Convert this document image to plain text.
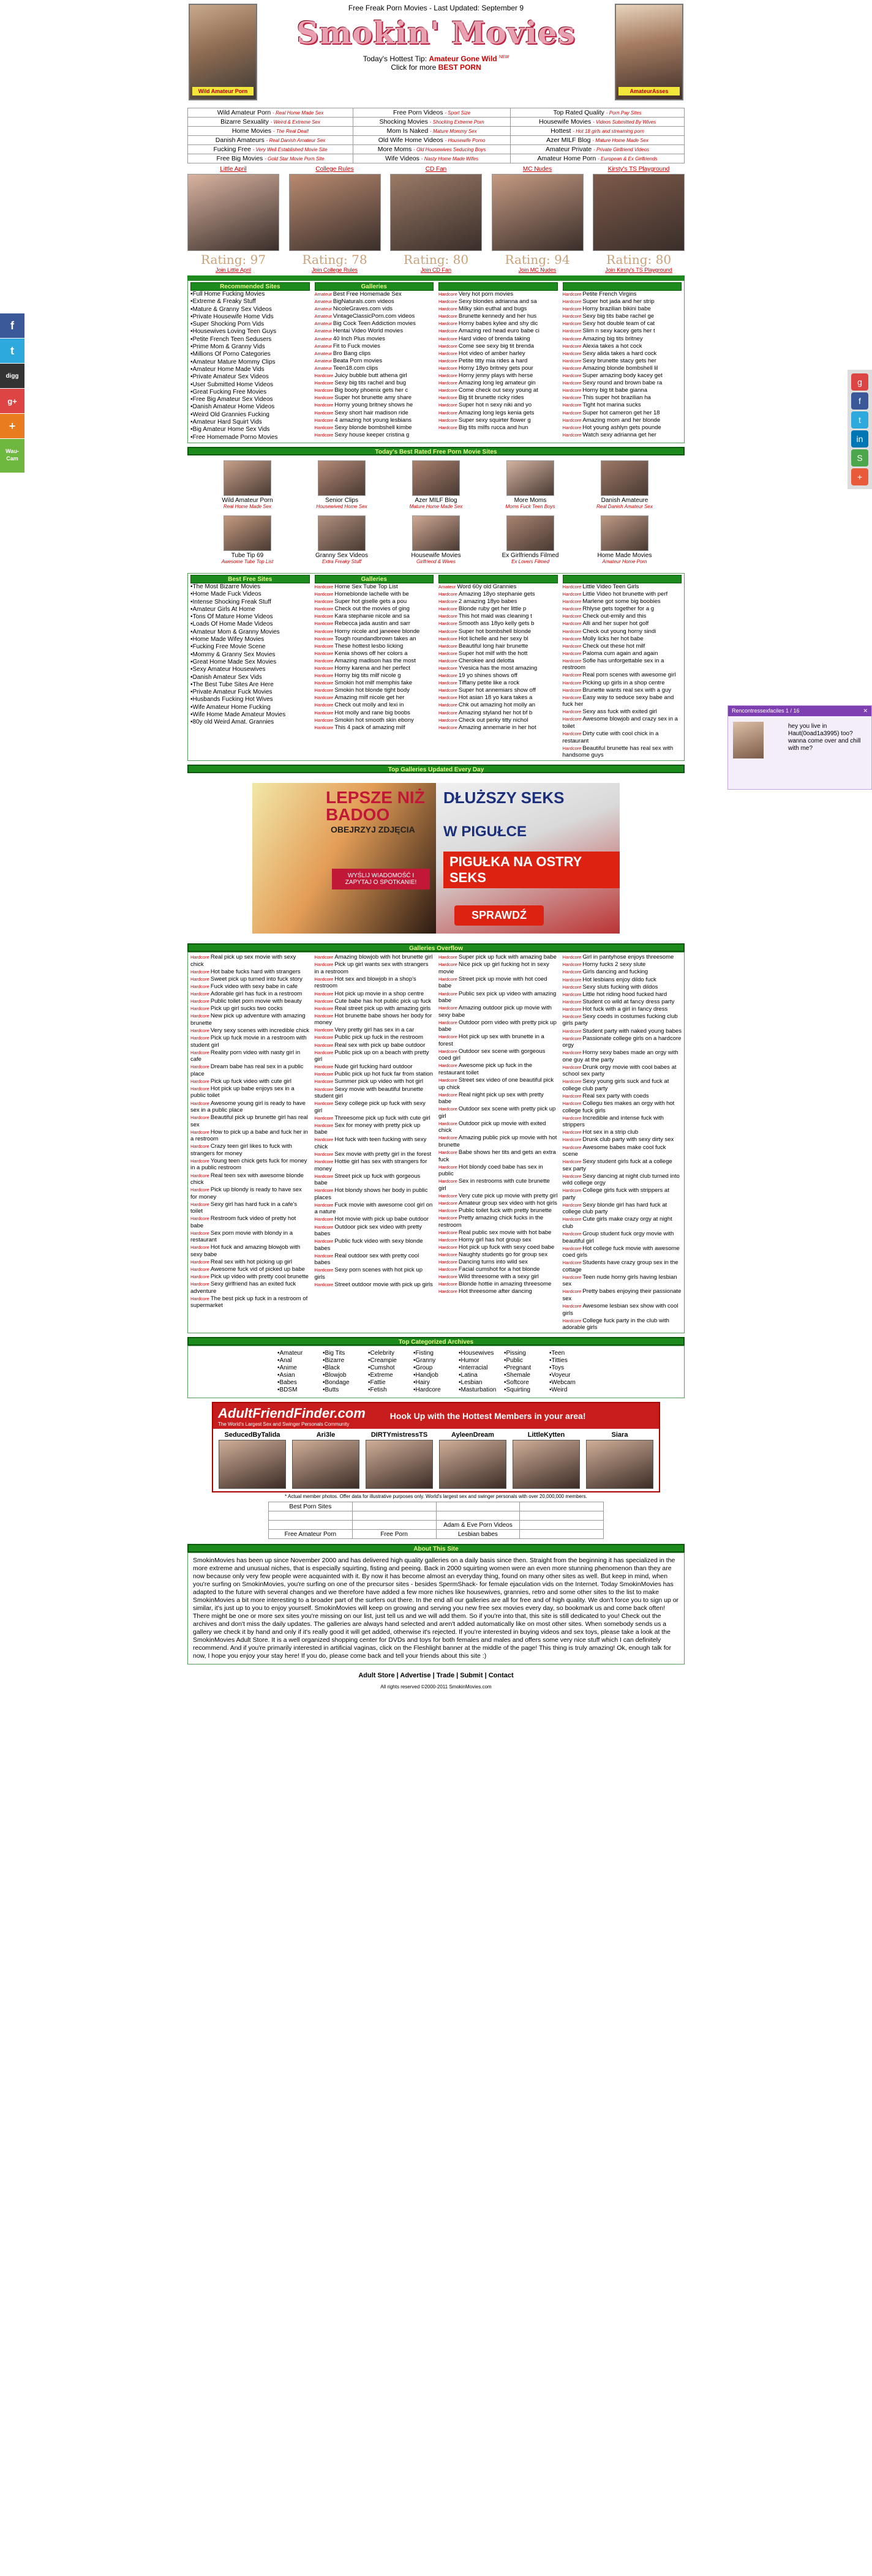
f
t
digg
g+
+
Wau-Cam
g
f
t
in
S
+
Rencontressexfaciles 1 / 16	✕
hey you live in Haut(0oad1a3995) too? wanna come over and chill with me?
Wild Amateur Porn
Free Freak Porn Movies - Last Updated: September 9
Smokin' Movies
Today's Hottest Tip: Amateur Gone Wild $^{NEW}$
Click for more BEST PORN
AmateurAsses
Wild Amateur Porn - Real Home Made Sex	Free Porn Videos - Sport Size	Top Rated Quality - Porn Pay Sites
Bizarre Sexuality - Weird & Extreme Sex	Shocking Movies - Shocking Extreme Porn	Housewife Movies - Videos Submitted By Wives
Home Movies - The Real Deal!	Mom Is Naked - Mature Mommy Sex	Hottest - Hot 18 girls and streaming porn
Danish Amateurs - Real Danish Amateur Sex	Old Wife Home Videos - Housewife Porno	Azer MILF Blog - Mature Home Made Sex
Fucking Free - Very Well Established Movie Site	More Moms - Old Housewives Seducing Boys	Amateur Private - Private Girlfriend Videos
Free Big Movies - Gold Star Movie Porn Site	Wife Videos - Nasty Home Made Wifes	Amateur Home Porn - European & Ex Girlfriends
Little April
Rating: 97
Join Little April
College Rules
Rating: 78
Join College Rules
CD Fan
Rating: 80
Join CD Fan
MC Nudes
Rating: 94
Join MC Nudes
Kirsty's TS Playground
Rating: 80
Join Kirsty's TS Playground
Recommended Sites
• Full Home Fucking Movies
• Extreme & Freaky Stuff
• Mature & Granny Sex Videos
• Private Housewife Home Vids
• Super Shocking Porn Vids
• Housewives Loving Teen Guys
• Petite French Teen Sedusers
• Prime Mom & Granny Vids
• Millions Of Porno Categories
• Amateur Mature Mommy Clips
• Amateur Home Made Vids
• Private Amateur Sex Videos
• User Submitted Home Videos
• Great Fucking Free Movies
• Free Big Amateur Sex Videos
• Danish Amateur Home Videos
• Weird Old Grannies Fucking
• Amateur Hard Squirt Vids
• Big Amateur Home Sex Vids
• Free Homemade Porno Movies
Galleries
Amateur Best Free Homemade Sex
Amateur BigNaturals.com videos
Amateur NicoleGraves.com vids
Amateur VintageClassicPorn.com videos
Amateur Big Cock Teen Addiction movies
Amateur Hentai Video World movies
Amateur 40 Inch Plus movies
Amateur Fit to Fuck movies
Amateur Bro Bang clips
Amateur Beata Porn movies
Amateur Teen18.com clips
Hardcore Juicy bubble butt athena girl
Hardcore Sexy big tits rachel and bug
Hardcore Big booty phoenix gets her c
Hardcore Super hot brunette amy share
Hardcore Horny young britney shows he
Hardcore Sexy short hair madison ride
Hardcore 4 amazing hot young lesbians
Hardcore Sexy blonde bombshell kimbe
Hardcore Sexy house keeper cristina g
Hardcore Very hot porn movies
Hardcore Sexy blondes adrianna and sa
Hardcore Milky skin euthal and bugs
Hardcore Brunette kennedy and her hus
Hardcore Horny babes kylee and shy dic
Hardcore Amazing red head euro babe ci
Hardcore Hard video of brenda taking
Hardcore Come see sexy big tit brenda
Hardcore Hot video of amber harley
Hardcore Petite titty mia rides a hard
Hardcore Horny 18yo britney gets pour
Hardcore Horny jenny plays with herse
Hardcore Amazing long leg amateur gin
Hardcore Come check out sexy young at
Hardcore Big tit brunette ricky rides
Hardcore Super hot n sexy niki and yo
Hardcore Amazing long legs kenia gets
Hardcore Super sexy squirter flower g
Hardcore Big tits milfs rucca and hun
Hardcore Petite French Virgins
Hardcore Super hot jada and her strip
Hardcore Horny brazilian bikini babe
Hardcore Sexy big tits babe rachel ge
Hardcore Sexy hot double team of cat
Hardcore Slim n sexy kacey gets her t
Hardcore Amazing big tits britney
Hardcore Alexia takes a hot cock
Hardcore Sexy alida takes a hard cock
Hardcore Sexy brunette stacy gets her
Hardcore Amazing blonde bombshell lil
Hardcore Super amazing body kacey get
Hardcore Sexy round and brown babe ra
Hardcore Horny big tit babe gianna
Hardcore This super hot brazilian ha
Hardcore Tight hot marina sucks
Hardcore Super hot cameron get her 18
Hardcore Amazing mom and her blonde
Hardcore Hot young ashlyn gets pounde
Hardcore Watch sexy adrianna get her
Today's Best Rated Free Porn Movie Sites
Wild Amateur Porn
Real Home Made Sex
Senior Clips
Housewived Home Sex
Azer MILF Blog
Mature Home Made Sex
More Moms
Moms Fuck Teen Boys
Danish Amateure
Real Danish Amateur Sex
Tube Tip 69
Awesome Tube Top List
Granny Sex Videos
Extra Freaky Stuff
Housewife Movies
Girlfriend & Wives
Ex Girlfriends Filmed
Ex Lovers Filmed
Home Made Movies
Amateur Home Porn
Best Free Sites
• The Most Bizarre Movies
• Home Made Fuck Videos
• Intense Shocking Freak Stuff
• Amateur Girls At Home
• Tons Of Mature Home Videos
• Loads Of Home Made Videos
• Amateur Mom & Granny Movies
• Home Made Wifey Movies
• Fucking Free Movie Scene
• Mommy & Granny Sex Movies
• Great Home Made Sex Movies
• Sexy Amateur Housewives
• Danish Amateur Sex Vids
• The Best Tube Sites Are Here
• Private Amateur Fuck Movies
• Husbands Fucking Hot Wives
• Wife Amateur Home Fucking
• Wife Home Made Amateur Movies
• 80y old Weird Amat. Grannies
Galleries
Hardcore Home Sex Tube Top List
Hardcore Homeblonde lachelle with be
Hardcore Super hot giselle gets a pou
Hardcore Check out the movies of ging
Hardcore Kara stephanie nicole and sa
Hardcore Rebecca jada austin and sarr
Hardcore Horny nicole and janeeee blonde
Hardcore Tough roundandbrown takes an
Hardcore These hottest lesbo licking
Hardcore Kenia shows off her colors a
Hardcore Amazing madison has the most
Hardcore Horny karena and her perfect
Hardcore Horny big tits milf nicole g
Hardcore Smokin hot milf memphis fake
Hardcore Smokin hot blonde tight body
Hardcore Amazing milf nicole get her
Hardcore Check out molly and lexi in
Hardcore Hot molly and rane big boobs
Hardcore Smokin hot smooth skin ebony
Hardcore This 4 pack of amazing milf
Amateur Word 60y old Grannies
Hardcore Amazing 18yo stephanie gets
Hardcore 2 amazing 18yo babes
Hardcore Blonde ruby get her little p
Hardcore This hot maid was cleaning t
Hardcore Smooth ass 18yo kelly gets b
Hardcore Super hot bombshell blonde
Hardcore Hot lichelle and her sexy bl
Hardcore Beautiful long hair brunette
Hardcore Super hot milf with the hott
Hardcore Cherokee and delotta
Hardcore Yvesica has the most amazing
Hardcore 19 yo shines shows off
Hardcore Tiffany petite like a rock
Hardcore Super hot annemiars show off
Hardcore Hot asian 18 yo kara takes a
Hardcore Chk out amazing hot molly an
Hardcore Amazing styland her hot bf b
Hardcore Check out perky titty nichol
Hardcore Amazing annemarie in her hot
Hardcore Little Video Teen Girls
Hardcore Little Video hot brunette with perf
Hardcore Marlene got some big boobies
Hardcore Rhlyse gets together for a g
Hardcore Check out-emily and this
Hardcore Alli and her super hot golf
Hardcore Check out young horny sindi
Hardcore Molly licks her hot babe
Hardcore Check out these hot milf
Hardcore Paloma cum again and again
Hardcore Sofie has unforgettable sex in a restroom
Hardcore Real porn scenes with awesome girl
Hardcore Picking up girls in a shop centre
Hardcore Brunette wants real sex with a guy
Hardcore Easy way to seduce sexy babe and fuck her
Hardcore Sexy ass fuck with exited girl
Hardcore Awesome blowjob and crazy sex in a toilet
Hardcore Dirty cutie with cool chick in a restaurant
Hardcore Beautiful brunette has real sex with handsome guys
Top Galleries Updated Every Day
LEPSZE NIŻ BADOO
OBEJRZYJ ZDJĘCIA
WYŚLIJ WIADOMOŚĆ I ZAPYTAJ O SPOTKANIE!
DŁUŻSZY SEKS
W PIGUŁCE
PIGUŁKA NA OSTRY SEKS
SPRAWDŹ
Galleries Overflow
Hardcore Real pick up sex movie with sexy chick
Hardcore Hot babe fucks hard with strangers
Hardcore Sweet pick up turned into fuck story
Hardcore Fuck video with sexy babe in cafe
Hardcore Adorable girl has fuck in a restroom
Hardcore Public toilet porn movie with beauty
Hardcore Pick up girl sucks two cocks
Hardcore New pick up adventure with amazing brunette
Hardcore Very sexy scenes with incredible chick
Hardcore Pick up fuck movie in a restroom with student girl
Hardcore Reality porn video with nasty girl in cafe
Hardcore Dream babe has real sex in a public place
Hardcore Pick up fuck video with cute girl
Hardcore Hot pick up babe enjoys sex in a public toilet
Hardcore Awesome young girl is ready to have sex in a public place
Hardcore Beautiful pick up brunette girl has real sex
Hardcore How to pick up a babe and fuck her in a restroom
Hardcore Crazy teen girl likes to fuck with strangers for money
Hardcore Young teen chick gets fuck for money in a public restroom
Hardcore Real teen sex with awesome blonde chick
Hardcore Pick up blondy is ready to have sex for money
Hardcore Sexy girl has hard fuck in a cafe's toilet
Hardcore Restroom fuck video of pretty hot babe
Hardcore Sex porn movie with blondy in a restaurant
Hardcore Hot fuck and amazing blowjob with sexy babe
Hardcore Real sex with hot picking up girl
Hardcore Awesome fuck vid of picked up babe
Hardcore Pick up video with pretty cool brunette
Hardcore Sexy girlfriend has an exited fuck adventure
Hardcore The best pick up fuck in a restroom of supermarket
Hardcore Amazing blowjob with hot brunette girl
Hardcore Pick up girl wants sex with strangers in a restroom
Hardcore Hot sex and blowjob in a shop's restroom
Hardcore Hot pick up movie in a shop centre
Hardcore Cute babe has hot public pick up fuck
Hardcore Real street pick up with amazing girls
Hardcore Hot brunette babe shows her body for money
Hardcore Very pretty girl has sex in a car
Hardcore Public pick up fuck in the restroom
Hardcore Real sex with pick up babe outdoor
Hardcore Public pick up on a beach with pretty girl
Hardcore Nude girl fucking hard outdoor
Hardcore Public pick up hot fuck far from station
Hardcore Summer pick up video with hot girl
Hardcore Sexy movie with beautiful brunette student girl
Hardcore Sexy college pick up fuck with sexy girl
Hardcore Threesome pick up fuck with cute girl
Hardcore Sex for money with pretty pick up babe
Hardcore Hot fuck with teen fucking with sexy chick
Hardcore Sex movie with pretty girl in the forest
Hardcore Hottie girl has sex with strangers for money
Hardcore Street pick up fuck with gorgeous babe
Hardcore Hot blondy shows her body in public places
Hardcore Fuck movie with awesome cool girl on a nature
Hardcore Hot movie with pick up babe outdoor
Hardcore Outdoor pick sex video with pretty babes
Hardcore Public fuck video with sexy blonde babes
Hardcore Real outdoor sex with pretty cool babes
Hardcore Sexy porn scenes with hot pick up girls
Hardcore Street outdoor movie with pick up girls
Hardcore Super pick up fuck with amazing babe
Hardcore Nice pick up girl fucking hot in sexy movie
Hardcore Street pick up movie with hot coed babe
Hardcore Public sex pick up video with amazing babe
Hardcore Amazing outdoor pick up movie with sexy babe
Hardcore Outdoor porn video with pretty pick up babe
Hardcore Hot pick up sex with brunette in a forest
Hardcore Outdoor sex scene with gorgeous coed girl
Hardcore Awesome pick up fuck in the restaurant toilet
Hardcore Street sex video of one beautiful pick up chick
Hardcore Real night pick up sex with pretty babe
Hardcore Outdoor sex scene with pretty pick up girl
Hardcore Outdoor pick up movie with exited chick
Hardcore Amazing public pick up movie with hot brunette
Hardcore Babe shows her tits and gets an extra fuck
Hardcore Hot blondy coed babe has sex in public
Hardcore Sex in restrooms with cute brunette girl
Hardcore Very cute pick up movie with pretty girl
Hardcore Amateur group sex video with hot girls
Hardcore Public toilet fuck with pretty brunette
Hardcore Pretty amazing chick fucks in the restroom
Hardcore Real public sex movie with hot babe
Hardcore Horny girl has hot group sex
Hardcore Hot pick up fuck with sexy coed babe
Hardcore Naughty students go for group sex
Hardcore Dancing turns into wild sex
Hardcore Facial cumshot for a hot blonde
Hardcore Wild threesome with a sexy girl
Hardcore Blonde hottie in amazing threesome
Hardcore Hot threesome after dancing
Hardcore Girl in pantyhose enjoys threesome
Hardcore Horny fucks 2 sexy slute
Hardcore Girls dancing and fucking
Hardcore Hot lesbians enjoy dildo fuck
Hardcore Sexy sluts fucking with dildos
Hardcore Little hot riding hood fucked hard
Hardcore Student co wild at fancy dress party
Hardcore Hot fuck with a girl in fancy dress
Hardcore Sexy coeds in costumes fucking club girls party
Hardcore Student party with naked young babes
Hardcore Passionate college girls on a hardcore orgy
Hardcore Horny sexy babes made an orgy with one guy at the party
Hardcore Drunk orgy movie with cool babes at school sex party
Hardcore Sexy young girls suck and fuck at college club party
Hardcore Real sex party with coeds
Hardcore Collegu ties makes an orgy with hot college fuck girls
Hardcore Incredible and intense fuck with strippers
Hardcore Hot sex in a strip club
Hardcore Drunk club party with sexy dirty sex
Hardcore Awesome babes make cool fuck scene
Hardcore Sexy student girls fuck at a college sex party
Hardcore Sexy dancing at night club turned into wild college orgy
Hardcore College girls fuck with strippers at party
Hardcore Sexy blonde girl has hard fuck at college club party
Hardcore Cute girls make crazy orgy at night club
Hardcore Group student fuck orgy movie with beautiful girl
Hardcore Hot college fuck movie with awesome coed girls
Hardcore Students have crazy group sex in the cottage
Hardcore Teen nude horny girls having lesbian sex
Hardcore Pretty babes enjoying their passionate sex
Hardcore Awesome lesbian sex show with cool girls
Hardcore College fuck party in the club with adorable girls
Top Categorized Archives
• Amateur
• Anal
• Anime
• Asian
• Babes
• BDSM
• Big Tits
• Bizarre
• Black
• Blowjob
• Bondage
• Butts
• Celebrity
• Creampie
• Cumshot
• Extreme
• Fattie
• Fetish
• Fisting
• Granny
• Group
• Handjob
• Hairy
• Hardcore
• Housewives
• Humor
• Interracial
• Latina
• Lesbian
• Masturbation
• Pissing
• Public
• Pregnant
• Shemale
• Softcore
• Squirting
• Teen
• Titties
• Toys
• Voyeur
• Webcam
• Weird
AdultFriendFinder.com
The World's Largest Sex and Swinger Personals Community
Hook Up with the Hottest Members in your area!
SeducedByTalida	Ari3le	DIRTYmistressTS	AyleenDream	LittleKytten	Siara
* Actual member photos. Offer data for illustrative purposes only. World's largest sex and swinger personals with over 20,000,000 members.
Best Porn Sites			

		Adam & Eve Porn Videos	
Free Amateur Porn	Free Porn	Lesbian babes	
About This Site
SmokinMovies has been up since November 2000 and has delivered high quality galleries on a daily basis since then. Straight from the beginning it has specialized in the more extreme and unusual niches, that is especially squirting, fisting and peeing. Back in 2000 squirting women were an even more stunning phenomenon than they are now because only very few people were acquainted with it. By now it has become almost an everyday thing, found on many other sites as well. But keep in mind, when you're surfing on SmokinMovies, you're surfing on one of the precursor sites - besides SpermShack- for female ejaculation vids on the Internet. Today SmokinMovies has adapted to the future with several changes and we therefore have added a few more niches like housewives, grannies, retro and some other sites to the list to make SmokinMovies a bit more interesting to a broader part of the surfers out there. In the end all our galleries are all for free and of high quality. We don't force you to sign up or similar, it's just up to you to enjoy yourself. SmokinMovies will keep on growing and serving you new free sex movies every day, so bookmark us and come back often! There might be one or more sex sites you're missing on our list, just tell us and we will add them. So if you're into that, this site is still dedicated to you! Check out the archives and don't miss the daily updates. The galleries are always hand selected and aren't added automatically like on most other sites. When somebody sends us a gallery we check it by hand and only if it's really good it will get added, otherwise it's rejected. If you're interested in buying videos and sex toys, please take a look at the SmokinMovies Adult Store. It is a well organized shopping center for DVDs and toys for both females and males and offers some very nice stuff which I can definitely recommend. And if you're primarily interested in artificial vaginas, click on the Fleshlight banner at the middle of the page! This thing is truly amazing! Ok, enough talk for now, I hope you enjoy your stay here! If you do, please come back and tell your friends about this site :)
Adult Store | Advertise | Trade | Submit | Contact
All rights reserved ©2000-2011 SmokinMovies.com
